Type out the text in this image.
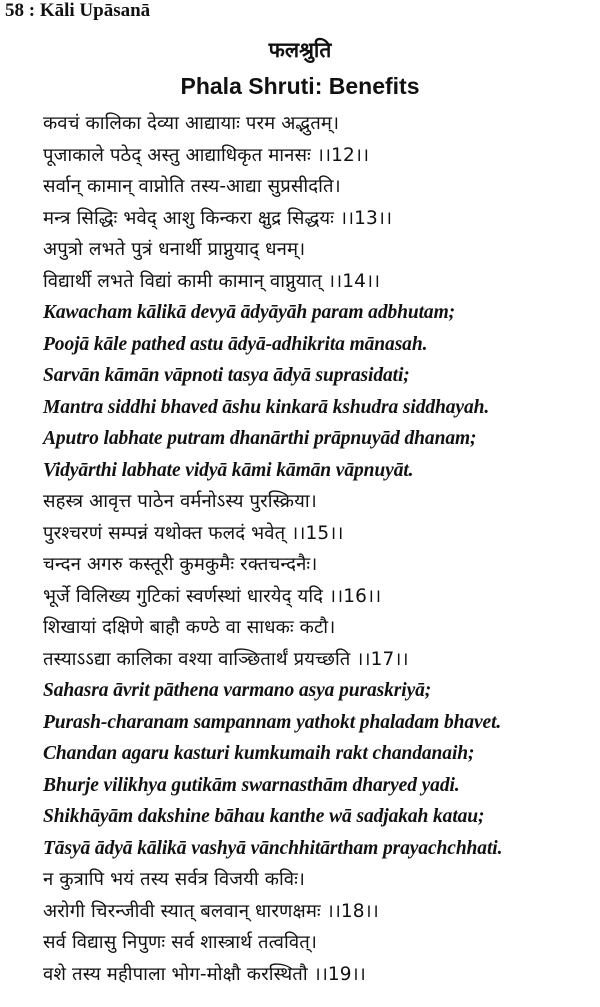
58 : Kāli Upāsanā
फलश्रुति
Phala Shruti: Benefits
कवचं कालिका देव्या आद्यायाः परम अद्भुतम्।
पूजाकाले पठेद् अस्तु आद्याधिकृत मानसः ।।12।।
सर्वान् कामान् वाप्नोति तस्य-आद्या सुप्रसीदति।
मन्त्र सिद्धिः भवेद् आशु किन्करा क्षुद्र सिद्धयः ।।13।।
अपुत्रो लभते पुत्रं धनार्थी प्राप्नुयाद् धनम्।
विद्यार्थी लभते विद्यां कामी कामान् वाप्नुयात् ।।14।।
Kawacham kālikā devyā ādyāyāh param adbhutam;
Poojā kāle pathed astu ādyā-adhikrita mānasah.
Sarvān kāmān vāpnoti tasya ādyā suprasidati;
Mantra siddhi bhaved āshu kinkarā kshudra siddhayah.
Aputro labhate putram dhanārthi prāpnuyād dhanam;
Vidyārthi labhate vidyā kāmi kāmān vāpnuyāt.
सहस्त्र आवृत्त पाठेन वर्मनोऽस्य पुरस्क्रिया।
पुरश्चरणं सम्पन्नं यथोक्त फलदं भवेत् ।।15।।
चन्दन अगरु कस्तूरी कुमकुमैः रक्तचन्दनैः।
भूर्जे विलिख्य गुटिकां स्वर्णस्थां धारयेद् यदि ।।16।।
शिखायां दक्षिणे बाहौ कण्ठे वा साधकः कटौ।
तस्याऽऽद्या कालिका वश्या वाञ्छितार्थं प्रयच्छति ।।17।।
Sahasra āvrit pāthena varmano asya puraskriyā;
Purash-charanam sampannam yathokt phaladam bhavet.
Chandan agaru kasturi kumkumaih rakt chandanaih;
Bhurje vilikhya gutikām swarnasthām dharyed yadi.
Shikhāyām dakshine bāhau kanthe wā sadjakah katau;
Tāsyā ādyā kālikā vashyā vānchhitārtham prayachchhati.
न कुत्रापि भयं तस्य सर्वत्र विजयी कविः।
अरोगी चिरन्जीवी स्यात् बलवान् धारणक्षमः ।।18।।
सर्व विद्यासु निपुणः सर्व शास्त्रार्थ तत्ववित्।
वशे तस्य महीपाला भोग-मोक्षौ करस्थितौ ।।19।।
